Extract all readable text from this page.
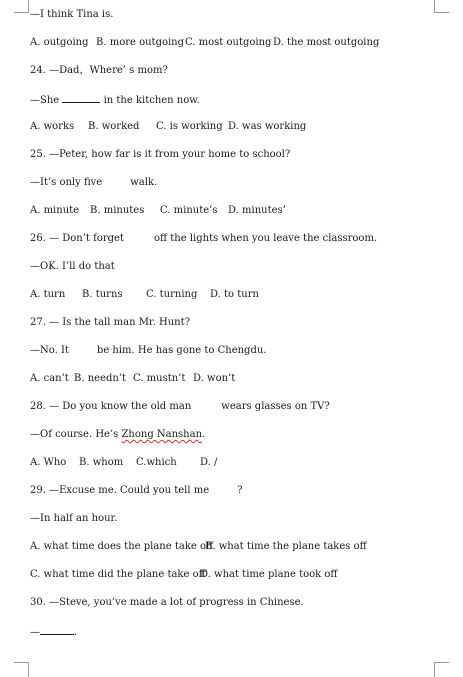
—I think Tina is.
A. outgoing B. more outgoing C. most outgoing D. the most outgoing
24. —Dad，Where’ s mom?
—She	in the kitchen now.
A. works B. worked C. is working D. was working
25. —Peter, how far is it from your home to school?
—It’s only five	walk.
A. minute B. minutes C. minute’s D. minutes’
26. — Don’t forget	off the lights when you leave the classroom.
—OK. I’ll do that
A. turn B. turns C. turning D. to turn
27. — Is the tall man Mr. Hunt?
—No. It	be him. He has gone to Chengdu.
A. can’t B. needn’t C. mustn’t D. won’t
28. — Do you know the old man	wears glasses on TV?
—Of course. He’s Zhong Nanshan.
A. Who B. whom C.which D. /
29. —Excuse me. Could you tell me	?
—In half an hour.
A. what time does the plane take off
B. what time the plane takes off
C. what time did the plane take off
D. what time plane took off
30. —Steve, you’ve made a lot of progress in Chinese.
—	.
